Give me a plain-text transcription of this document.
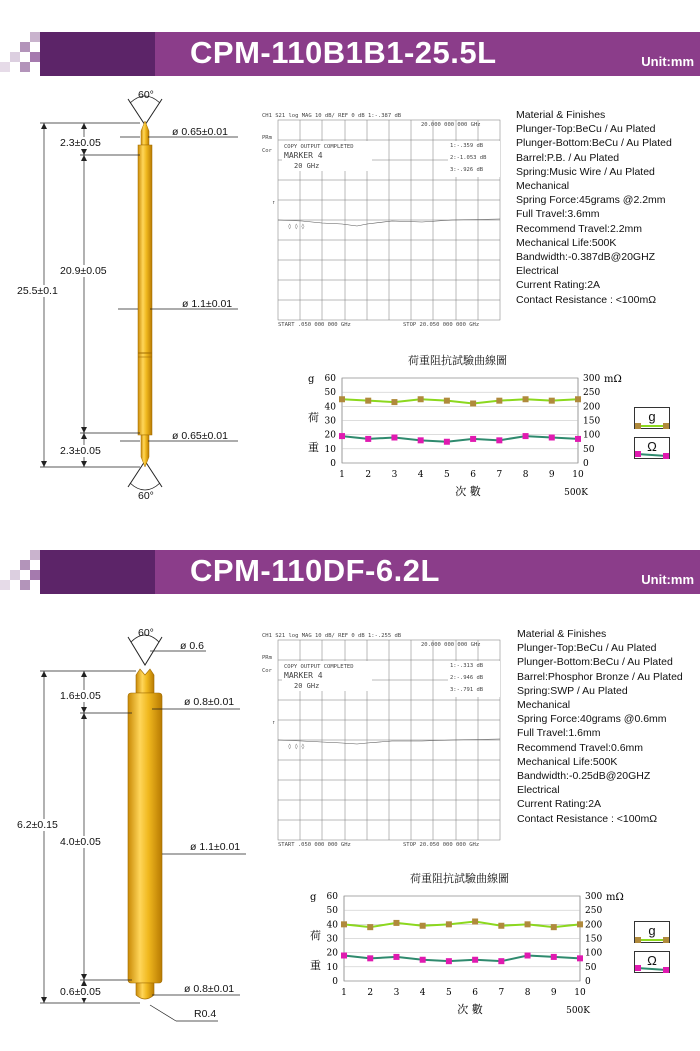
CPM-110B1B1-25.5L	Unit:mm
60°
60°
2.3±0.05
20.9±0.05
25.5±0.1
2.3±0.05
ø 0.65±0.01
ø 1.1±0.01
ø 0.65±0.01
CH1 S21 log MAG 10 dB/ REF 0 dB 1:-.387 dB
20.000 000 000 GHz
PRm
Cor
COPY OUTPUT COMPLETED
MARKER 4
20 GHz
1:-.359 dB
2:-1.053 dB
3:-.926 dB
↑
◊ ◊ ◊
START .050 000 000 GHz	STOP 20.050 000 000 GHz
Material & Finishes
Plunger-Top:BeCu / Au Plated
Plunger-Bottom:BeCu / Au Plated
Barrel:P.B. / Au Plated
Spring:Music Wire / Au Plated
Mechanical
Spring Force:45grams @2.2mm
Full Travel:3.6mm
Recommend Travel:2.2mm
Mechanical Life:500K
Bandwidth:-0.387dB@20GHZ
Electrical
Current Rating:2A
Contact Resistance : <100mΩ
荷重阻抗試驗曲線圖
0
10
20
30
40
50
60
0
50
100
150
200
250
300
1 2 3 4 5 6 7 8 9 10
g
荷
重
mΩ
次 數	500K
g
Ω
CPM-110DF-6.2L	Unit:mm
60°
ø 0.6
1.6±0.05
6.2±0.15
4.0±0.05
0.6±0.05
ø 0.8±0.01
ø 1.1±0.01
ø 0.8±0.01
R0.4
CH1 S21 log MAG 10 dB/ REF 0 dB 1:-.255 dB
20.000 000 000 GHz
PRm
Cor
COPY OUTPUT COMPLETED
MARKER 4
20 GHz
1:-.313 dB
2:-.946 dB
3:-.791 dB
↑
◊ ◊ ◊
START .050 000 000 GHz	STOP 20.050 000 000 GHz
Material & Finishes
Plunger-Top:BeCu / Au Plated
Plunger-Bottom:BeCu / Au Plated
Barrel:Phosphor Bronze / Au Plated
Spring:SWP / Au Plated
Mechanical
Spring Force:40grams @0.6mm
Full Travel:1.6mm
Recommend Travel:0.6mm
Mechanical Life:500K
Bandwidth:-0.25dB@20GHZ
Electrical
Current Rating:2A
Contact Resistance : <100mΩ
荷重阻抗試驗曲線圖
0
10
20
30
40
50
60
0
50
100
150
200
250
300
1 2 3 4 5 6 7 8 9 10
g
荷
重
mΩ
次 數	500K
g
Ω
